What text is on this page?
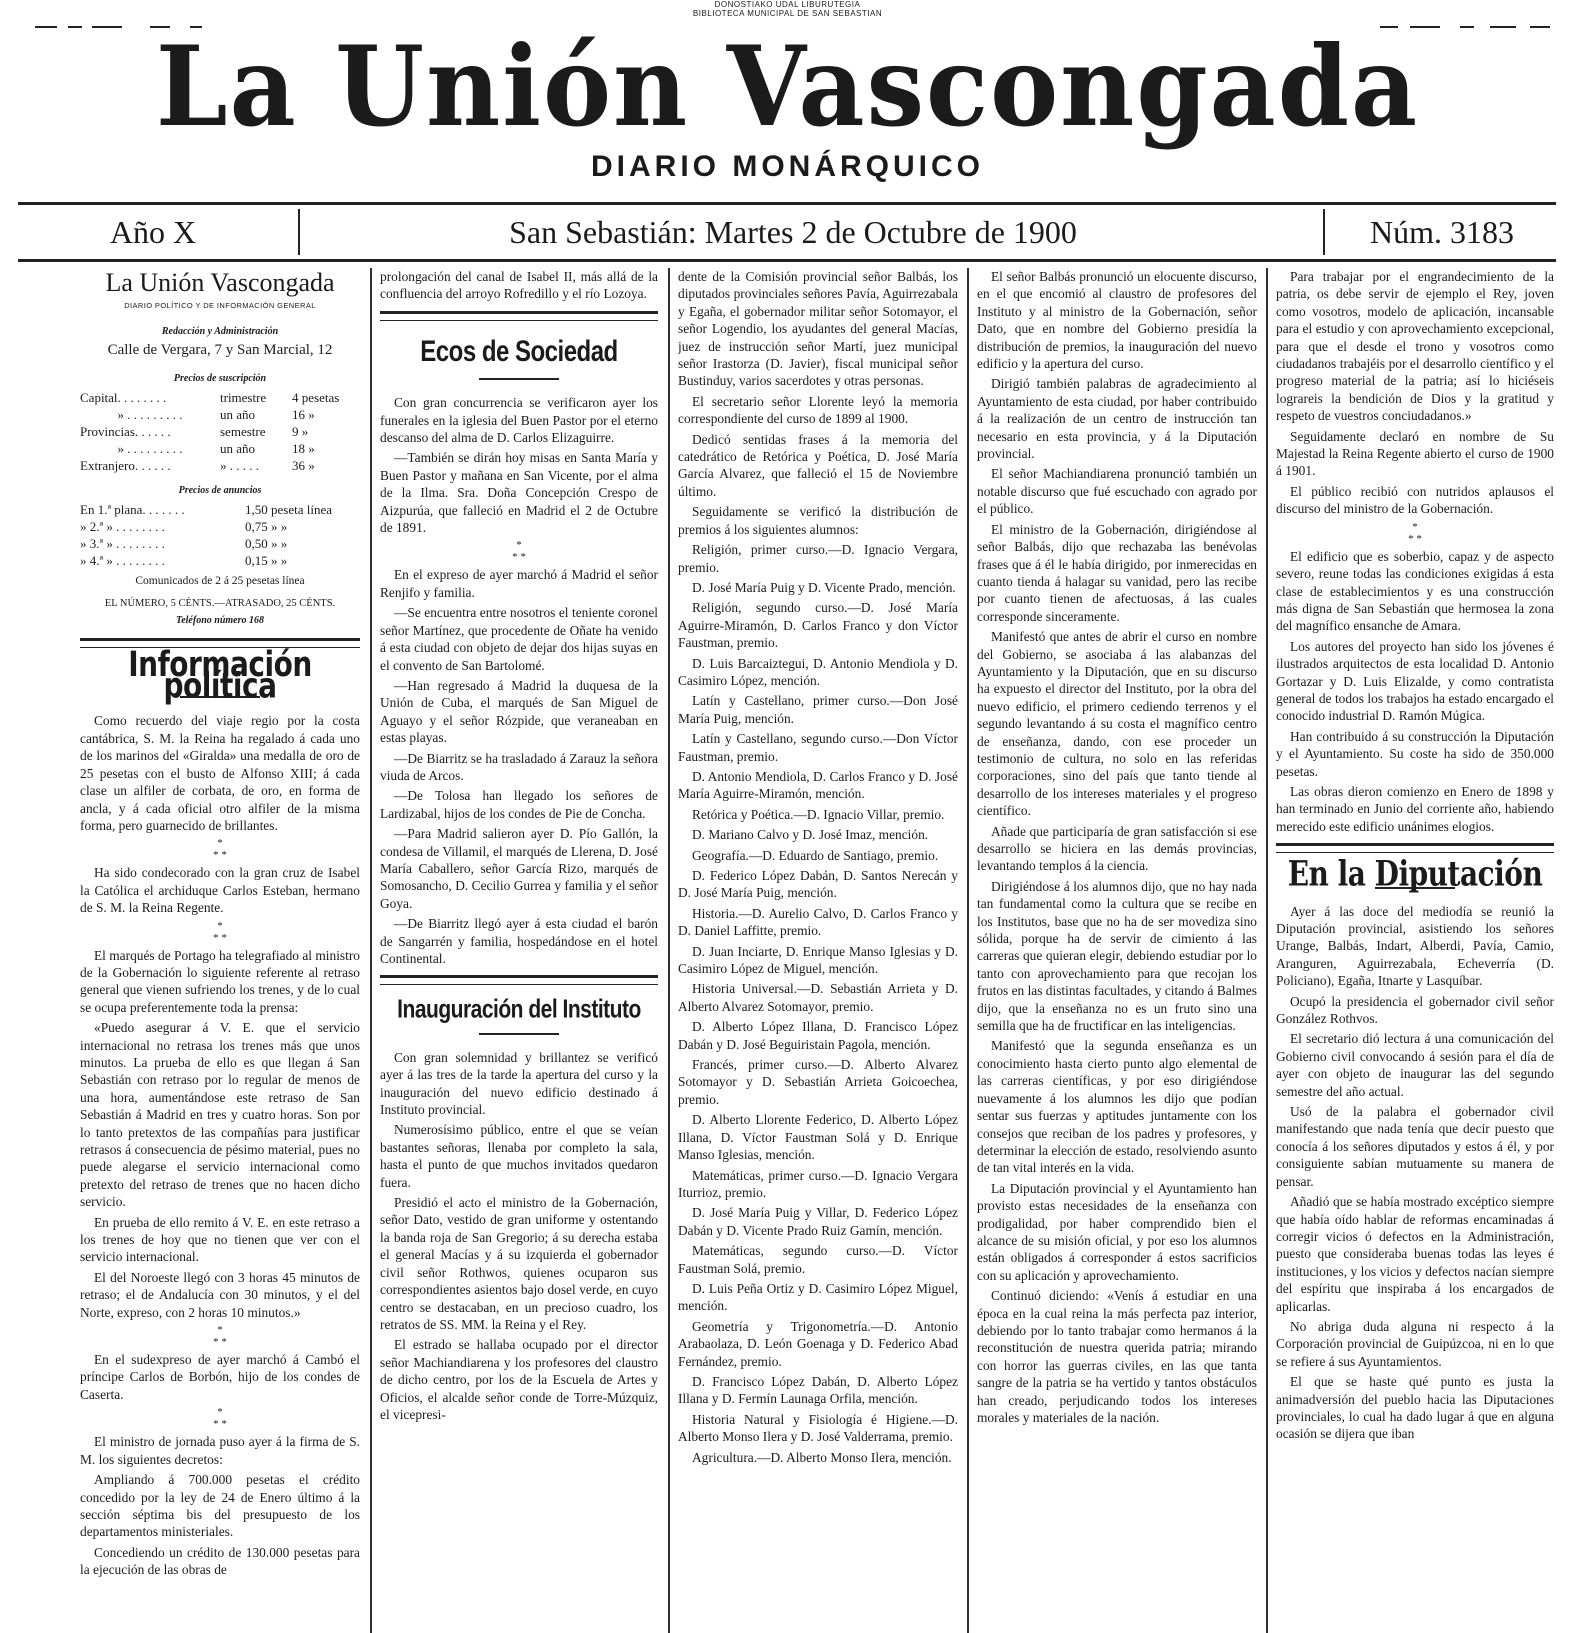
DONOSTIAKO UDAL LIBURUTEGIA
BIBLIOTECA MUNICIPAL DE SAN SEBASTIAN
La Unión Vascongada
DIARIO MONÁRQUICO
Año X	San Sebastián: Martes 2 de Octubre de 1900	Núm. 3183
La Unión Vascongada
DIARIO POLÍTICO Y DE INFORMACIÓN GENERAL
Redacción y Administración
Calle de Vergara, 7 y San Marcial, 12
Precios de suscripción
Capital. . . . . . . .	trimestre 4 pesetas
» . . . . . . . . .	un año	16 »
Provincias. . . . . .	semestre 9 »
» . . . . . . . . .	un año	18 »
Extranjero. . . . . .	» . . . . .	36 »
Precios de anuncios
En 1.ª plana. . . . . . .	1,50 peseta línea
» 2.ª » . . . . . . . .	0,75 » »
» 3.ª » . . . . . . . .	0,50 » »
» 4.ª » . . . . . . . .	0,15 » »
Comunicados de 2 á 25 pesetas línea
EL NÚMERO, 5 CÉNTS.—ATRASADO, 25 CÉNTS.
Teléfono número 168
Información política

Como recuerdo del viaje regio por la costa cantábrica, S. M. la Reina ha regalado á cada uno de los marinos del «Giralda» una medalla de oro de 25 pesetas con el busto de Alfonso XIII; á cada clase un alfiler de corbata, de oro, en forma de ancla, y á cada oficial otro alfiler de la misma forma, pero guarnecido de brillantes.

*
* *

Ha sido condecorado con la gran cruz de Isabel la Católica el archiduque Carlos Esteban, hermano de S. M. la Reina Regente.

*
* *

El marqués de Portago ha telegrafiado al ministro de la Gobernación lo siguiente referente al retraso general que vienen sufriendo los trenes, y de lo cual se ocupa preferentemente toda la prensa:

«Puedo asegurar á V. E. que el servicio internacional no retrasa los trenes más que unos minutos. La prueba de ello es que llegan á San Sebastián con retraso por lo regular de menos de una hora, aumentándose este retraso de San Sebastián á Madrid en tres y cuatro horas. Son por lo tanto pretextos de las compañías para justificar retrasos á consecuencia de pésimo material, pues no puede alegarse el servicio internacional como pretexto del retraso de trenes que no hacen dicho servicio.

En prueba de ello remito á V. E. en este retraso a los trenes de hoy que no tienen que ver con el servicio internacional.

El del Noroeste llegó con 3 horas 45 minutos de retraso; el de Andalucía con 30 minutos, y el del Norte, expreso, con 2 horas 10 minutos.»

*
* *

En el sudexpreso de ayer marchó á Cambó el príncipe Carlos de Borbón, hijo de los condes de Caserta.

*
* *

El ministro de jornada puso ayer á la firma de S. M. los siguientes decretos:

Ampliando á 700.000 pesetas el crédito concedido por la ley de 24 de Enero último á la sección séptima bis del presupuesto de los departamentos ministeriales.

Concediendo un crédito de 130.000 pesetas para la ejecución de las obras de

prolongación del canal de Isabel II, más allá de la confluencia del arroyo Rofredillo y el río Lozoya.

Ecos de Sociedad

Con gran concurrencia se verificaron ayer los funerales en la iglesia del Buen Pastor por el eterno descanso del alma de D. Carlos Elizaguirre.

—También se dirán hoy misas en Santa María y Buen Pastor y mañana en San Vicente, por el alma de la Ilma. Sra. Doña Concepción Crespo de Aizpurúa, que falleció en Madrid el 2 de Octubre de 1891.

*
* *

En el expreso de ayer marchó á Madrid el señor Renjifo y familia.

—Se encuentra entre nosotros el teniente coronel señor Martínez, que procedente de Oñate ha venido á esta ciudad con objeto de dejar dos hijas suyas en el convento de San Bartolomé.

—Han regresado á Madrid la duquesa de la Unión de Cuba, el marqués de San Miguel de Aguayo y el señor Rózpide, que veraneaban en estas playas.

—De Biarritz se ha trasladado á Zarauz la señora viuda de Arcos.

—De Tolosa han llegado los señores de Lardizabal, hijos de los condes de Pie de Concha.

—Para Madrid salieron ayer D. Pío Gallón, la condesa de Villamil, el marqués de Llerena, D. José María Caballero, señor García Rizo, marqués de Somosancho, D. Cecilio Gurrea y familia y el señor Goya.

—De Biarritz llegó ayer á esta ciudad el barón de Sangarrén y familia, hospedándose en el hotel Continental.

Inauguración del Instituto

Con gran solemnidad y brillantez se verificó ayer á las tres de la tarde la apertura del curso y la inauguración del nuevo edificio destinado á Instituto provincial.

Numerosísimo público, entre el que se veían bastantes señoras, llenaba por completo la sala, hasta el punto de que muchos invitados quedaron fuera.

Presidió el acto el ministro de la Gobernación, señor Dato, vestido de gran uniforme y ostentando la banda roja de San Gregorio; á su derecha estaba el general Macías y á su izquierda el gobernador civil señor Rothwos, quienes ocuparon sus correspondientes asientos bajo dosel verde, en cuyo centro se destacaban, en un precioso cuadro, los retratos de SS. MM. la Reina y el Rey.

El estrado se hallaba ocupado por el director señor Machiandiarena y los profesores del claustro de dicho centro, por los de la Escuela de Artes y Oficios, el alcalde señor conde de Torre-Múzquiz, el vicepresi-

dente de la Comisión provincial señor Balbás, los diputados provinciales señores Pavía, Aguirrezabala y Egaña, el gobernador militar señor Sotomayor, el señor Logendio, los ayudantes del general Macías, juez de instrucción señor Martí, juez municipal señor Irastorza (D. Javier), fiscal municipal señor Bustinduy, varios sacerdotes y otras personas.

El secretario señor Llorente leyó la memoria correspondiente del curso de 1899 al 1900.

Dedicó sentidas frases á la memoria del catedrático de Retórica y Poética, D. José María García Alvarez, que falleció el 15 de Noviembre último.

Seguidamente se verificó la distribución de premios á los siguientes alumnos:

Religión, primer curso.—D. Ignacio Vergara, premio.

D. José María Puig y D. Vicente Prado, mención.

Religión, segundo curso.—D. José María Aguirre-Miramón, D. Carlos Franco y don Víctor Faustman, premio.

D. Luis Barcaiztegui, D. Antonio Mendiola y D. Casimiro López, mención.

Latín y Castellano, primer curso.—Don José María Puig, mención.

Latín y Castellano, segundo curso.—Don Víctor Faustman, premio.

D. Antonio Mendiola, D. Carlos Franco y D. José María Aguirre-Miramón, mención.

Retórica y Poética.—D. Ignacio Villar, premio.

D. Mariano Calvo y D. José Imaz, mención.

Geografía.—D. Eduardo de Santiago, premio.

D. Federico López Dabán, D. Santos Nerecán y D. José María Puig, mención.

Historia.—D. Aurelio Calvo, D. Carlos Franco y D. Daniel Laffitte, premio.

D. Juan Inciarte, D. Enrique Manso Iglesias y D. Casimiro López de Miguel, mención.

Historia Universal.—D. Sebastián Arrieta y D. Alberto Alvarez Sotomayor, premio.

D. Alberto López Illana, D. Francisco López Dabán y D. José Beguiristain Pagola, mención.

Francés, primer curso.—D. Alberto Alvarez Sotomayor y D. Sebastián Arrieta Goicoechea, premio.

D. Alberto Llorente Federico, D. Alberto López Illana, D. Víctor Faustman Solá y D. Enrique Manso Iglesias, mención.

Matemáticas, primer curso.—D. Ignacio Vergara Iturrioz, premio.

D. José María Puig y Villar, D. Federico López Dabán y D. Vicente Prado Ruiz Gamín, mención.

Matemáticas, segundo curso.—D. Víctor Faustman Solá, premio.

D. Luis Peña Ortiz y D. Casimiro López Miguel, mención.

Geometría y Trigonometría.—D. Antonio Arabaolaza, D. León Goenaga y D. Federico Abad Fernández, premio.

D. Francisco López Dabán, D. Alberto López Illana y D. Fermín Launaga Orfila, mención.

Historia Natural y Fisiología é Higiene.—D. Alberto Monso Ilera y D. José Valderrama, premio.

Agricultura.—D. Alberto Monso Ilera, mención.

El señor Balbás pronunció un elocuente discurso, en el que encomió al claustro de profesores del Instituto y al ministro de la Gobernación, señor Dato, que en nombre del Gobierno presidía la distribución de premios, la inauguración del nuevo edificio y la apertura del curso.

Dirigió también palabras de agradecimiento al Ayuntamiento de esta ciudad, por haber contribuido á la realización de un centro de instrucción tan necesario en esta provincia, y á la Diputación provincial.

El señor Machiandiarena pronunció también un notable discurso que fué escuchado con agrado por el público.

El ministro de la Gobernación, dirigiéndose al señor Balbás, dijo que rechazaba las benévolas frases que á él le había dirigido, por inmerecidas en cuanto tienda á halagar su vanidad, pero las recibe por cuanto tienen de afectuosas, á las cuales corresponde sinceramente.

Manifestó que antes de abrir el curso en nombre del Gobierno, se asociaba á las alabanzas del Ayuntamiento y la Diputación, que en su discurso ha expuesto el director del Instituto, por la obra del nuevo edificio, el primero cediendo terrenos y el segundo levantando á su costa el magnífico centro de enseñanza, dando, con ese proceder un testimonio de cultura, no solo en las referidas corporaciones, sino del país que tanto tiende al desarrollo de los intereses materiales y el progreso científico.

Añade que participaría de gran satisfacción si ese desarrollo se hiciera en las demás provincias, levantando templos á la ciencia.

Dirigiéndose á los alumnos dijo, que no hay nada tan fundamental como la cultura que se recibe en los Institutos, base que no ha de ser movediza sino sólida, porque ha de servir de cimiento á las carreras que quieran elegir, debiendo estudiar por lo tanto con aprovechamiento para que recojan los frutos en las distintas facultades, y citando á Balmes dijo, que la enseñanza no es un fruto sino una semilla que ha de fructificar en las inteligencias.

Manifestó que la segunda enseñanza es un conocimiento hasta cierto punto algo elemental de las carreras científicas, y por eso dirigiéndose nuevamente á los alumnos les dijo que podían sentar sus fuerzas y aptitudes juntamente con los consejos que reciban de los padres y profesores, y determinar la elección de estado, resolviendo asunto de tan vital interés en la vida.

La Diputación provincial y el Ayuntamiento han provisto estas necesidades de la enseñanza con prodigalidad, por haber comprendido bien el alcance de su misión oficial, y por eso los alumnos están obligados á corresponder á estos sacrificios con su aplicación y aprovechamiento.

Continuó diciendo: «Venís á estudiar en una época en la cual reina la más perfecta paz interior, debiendo por lo tanto trabajar como hermanos á la reconstitución de nuestra querida patria; mirando con horror las guerras civiles, en las que tanta sangre de la patria se ha vertido y tantos obstáculos han creado, perjudicando todos los intereses morales y materiales de la nación.

Para trabajar por el engrandecimiento de la patria, os debe servir de ejemplo el Rey, joven como vosotros, modelo de aplicación, incansable para el estudio y con aprovechamiento excepcional, para que el desde el trono y vosotros como ciudadanos trabajéis por el desarrollo científico y el progreso material de la patria; así lo hiciéseis lograreis la bendición de Dios y la gratitud y respeto de vuestros conciudadanos.»

Seguidamente declaró en nombre de Su Majestad la Reina Regente abierto el curso de 1900 á 1901.

El público recibió con nutridos aplausos el discurso del ministro de la Gobernación.

*
* *

El edificio que es soberbio, capaz y de aspecto severo, reune todas las condiciones exigidas á esta clase de establecimientos y es una construcción más digna de San Sebastián que hermosea la zona del magnífico ensanche de Amara.

Los autores del proyecto han sido los jóvenes é ilustrados arquitectos de esta localidad D. Antonio Gortazar y D. Luis Elizalde, y como contratista general de todos los trabajos ha estado encargado el conocido industrial D. Ramón Múgica.

Han contribuido á su construcción la Diputación y el Ayuntamiento. Su coste ha sido de 350.000 pesetas.

Las obras dieron comienzo en Enero de 1898 y han terminado en Junio del corriente año, habiendo merecido este edificio unánimes elogios.

En la Diputación

Ayer á las doce del mediodía se reunió la Diputación provincial, asistiendo los señores Urange, Balbás, Indart, Alberdi, Pavía, Camio, Aranguren, Aguirrezabala, Echeverría (D. Policiano), Egaña, Itnarte y Lasquíbar.

Ocupó la presidencia el gobernador civil señor González Rothvos.

El secretario dió lectura á una comunicación del Gobierno civil convocando á sesión para el día de ayer con objeto de inaugurar las del segundo semestre del año actual.

Usó de la palabra el gobernador civil manifestando que nada tenía que decir puesto que conocía á los señores diputados y estos á él, y por consiguiente sabían mutuamente su manera de pensar.

Añadió que se había mostrado excéptico siempre que había oído hablar de reformas encaminadas á corregir vicios ó defectos en la Administración, puesto que consideraba buenas todas las leyes é instituciones, y los vicios y defectos nacían siempre del espíritu que inspiraba á los encargados de aplicarlas.

No abriga duda alguna ni respecto á la Corporación provincial de Guipúzcoa, ni en lo que se refiere á sus Ayuntamientos.

El que se haste qué punto es justa la animadversión del pueblo hacia las Diputaciones provinciales, lo cual ha dado lugar á que en alguna ocasión se dijera que iban
